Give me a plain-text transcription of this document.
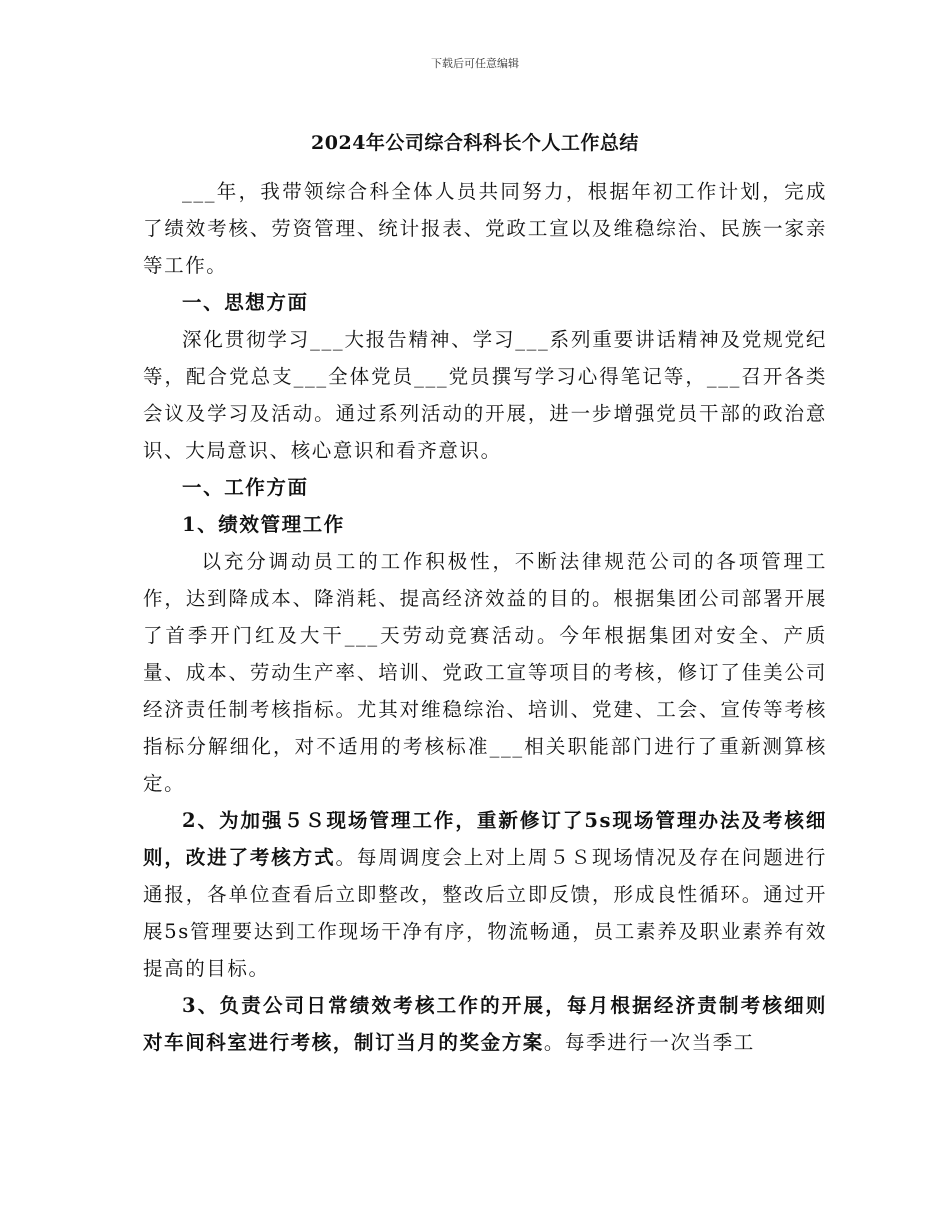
下载后可任意编辑
2024年公司综合科科长个人工作总结

___年，我带领综合科全体人员共同努力，根据年初工作计划，完成了绩效考核、劳资管理、统计报表、党政工宣以及维稳综治、民族一家亲等工作。

一、思想方面

深化贯彻学习___大报告精神、学习___系列重要讲话精神及党规党纪等，配合党总支___全体党员___党员撰写学习心得笔记等，___召开各类会议及学习及活动。通过系列活动的开展，进一步增强党员干部的政治意识、大局意识、核心意识和看齐意识。

一、工作方面

1、绩效管理工作

以充分调动员工的工作积极性，不断法律规范公司的各项管理工作，达到降成本、降消耗、提高经济效益的目的。根据集团公司部署开展了首季开门红及大干___天劳动竞赛活动。今年根据集团对安全、产质量、成本、劳动生产率、培训、党政工宣等项目的考核，修订了佳美公司经济责任制考核指标。尤其对维稳综治、培训、党建、工会、宣传等考核指标分解细化，对不适用的考核标准___相关职能部门进行了重新测算核定。

2、为加强５Ｓ现场管理工作，重新修订了5s现场管理办法及考核细则，改进了考核方式。每周调度会上对上周５Ｓ现场情况及存在问题进行通报，各单位查看后立即整改，整改后立即反馈，形成良性循环。通过开展5s管理要达到工作现场干净有序，物流畅通，员工素养及职业素养有效提高的目标。

3、负责公司日常绩效考核工作的开展，每月根据经济责制考核细则对车间科室进行考核，制订当月的奖金方案。每季进行一次当季工
